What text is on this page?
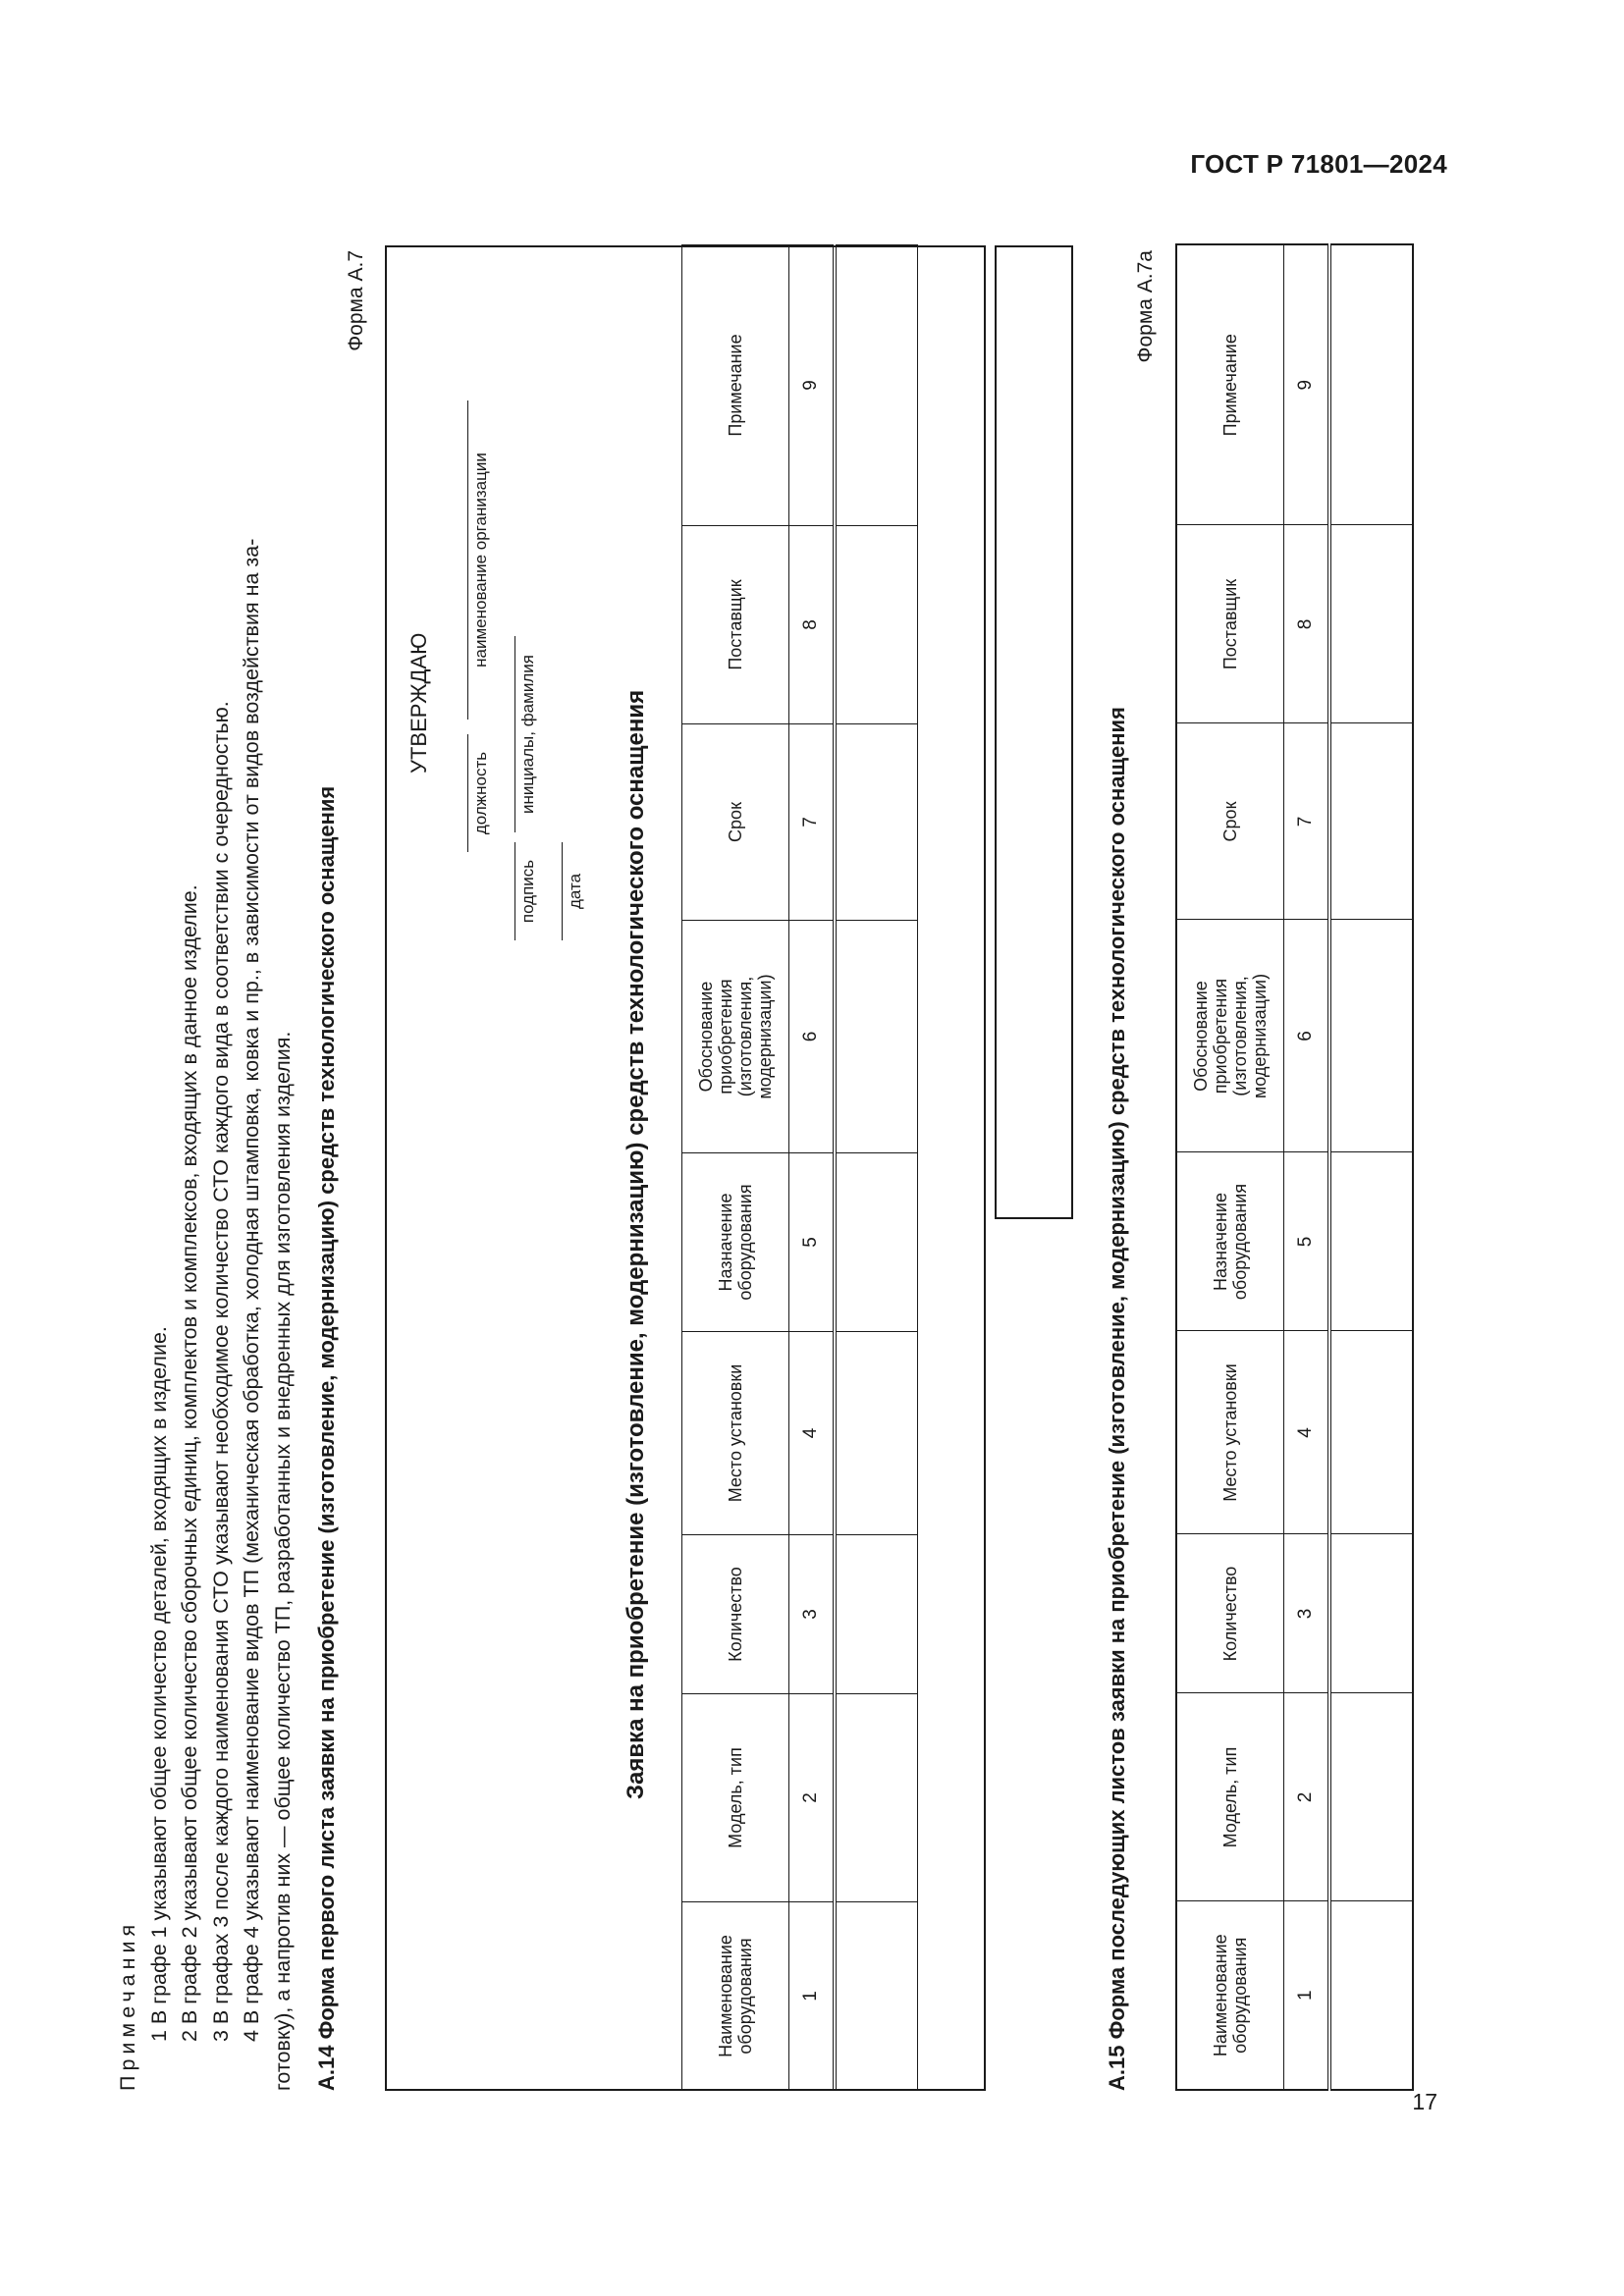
ГОСТ Р 71801—2024
17
Примечания 1 В графе 1 указывают общее количество деталей, входящих в изделие. 2 В графе 2 указывают общее количество сборочных единиц, комплектов и комплексов, входящих в данное изделие. 3 В графах 3 после каждого наименования СТО указывают необходимое количество СТО каждого вида в соответствии с очередностью. 4 В графе 4 указывают наименование видов ТП (механическая обработка, холодная штамповка, ковка и пр., в зависимости от видов воздействия на за- готовку), а напротив них — общее количество ТП, разработанных и внедренных для изготовления изделия. А.14 Форма первого листа заявки на приобретение (изготовление, модернизацию) средств технологического оснащения
Форма А.7
УТВЕРЖДАЮ
должность
наименование организации
подпись
инициалы, фамилия
дата Заявка на приобретение (изготовление, модернизацию) средств технологического оснащения
Наименование оборудования	Модель, тип	Количество	Место установки	Назначение оборудования	Обоснование приобретения (изготовления, модернизации)	Срок	Поставщик	Примечание
1	2	3	4	5	6	7	8	9

А.15 Форма последующих листов заявки на приобретение (изготовление, модернизацию) средств технологического оснащения
Форма А.7а
Наименование оборудования	Модель, тип	Количество	Место установки	Назначение оборудования	Обоснование приобретения (изготовления, модернизации)	Срок	Поставщик	Примечание
1	2	3	4	5	6	7	8	9
